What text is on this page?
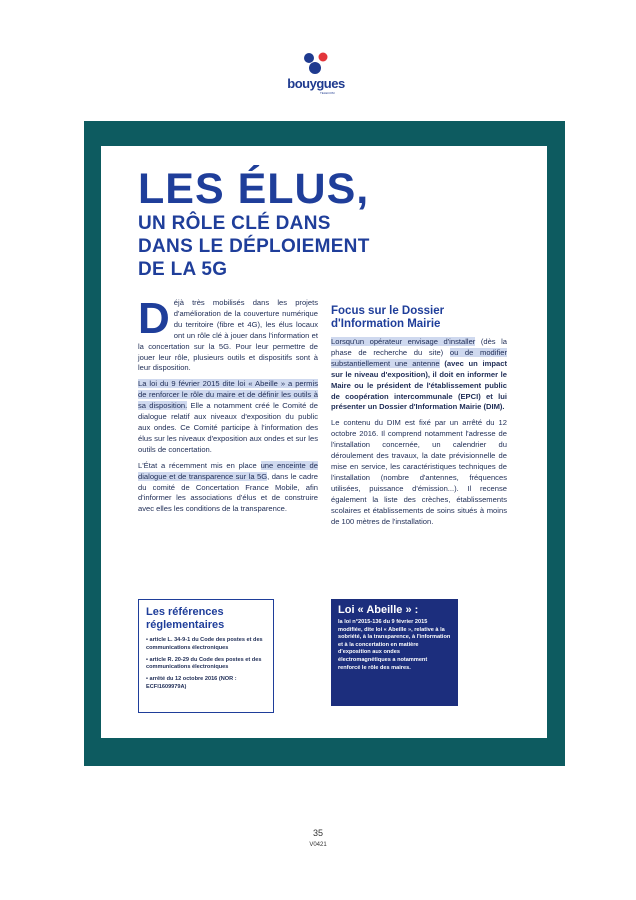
bouygues
TELECOM
LES ÉLUS,
UN RÔLE CLÉ DANS
DANS LE DÉPLOIEMENT
DE LA 5G

Déjà très mobilisés dans les projets d'amélioration de la couverture numérique du territoire (fibre et 4G), les élus locaux ont un rôle clé à jouer dans l'information et la concertation sur la 5G. Pour leur permettre de jouer leur rôle, plusieurs outils et dispositifs sont à leur disposition.

La loi du 9 février 2015 dite loi « Abeille » a permis de renforcer le rôle du maire et de définir les outils à sa disposition. Elle a notamment créé le Comité de dialogue relatif aux niveaux d'exposition du public aux ondes. Ce Comité participe à l'information des élus sur les niveaux d'exposition aux ondes et sur les outils de concertation.

L'État a récemment mis en place une enceinte de dialogue et de transparence sur la 5G, dans le cadre du comité de Concertation France Mobile, afin d'informer les associations d'élus et de construire avec elles les conditions de la transparence.

Focus sur le Dossier d'Information Mairie

Lorsqu'un opérateur envisage d'installer (dès la phase de recherche du site) ou de modifier substantiellement une antenne (avec un impact sur le niveau d'exposition), il doit en informer le Maire ou le président de l'établissement public de coopération intercommunale (EPCI) et lui présenter un Dossier d'Information Mairie (DIM).

Le contenu du DIM est fixé par un arrêté du 12 octobre 2016. Il comprend notamment l'adresse de l'installation concernée, un calendrier du déroulement des travaux, la date prévisionnelle de mise en service, les caractéristiques techniques de l'installation (nombre d'antennes, fréquences utilisées, puissance d'émission...). Il recense également la liste des crèches, établissements scolaires et établissements de soins situés à moins de 100 mètres de l'installation.

Les références réglementaires
• article L. 34-9-1 du Code des postes et des communications électroniques
• article R. 20-29 du Code des postes et des communications électroniques
• arrêté du 12 octobre 2016 (NOR : ECFI1609979A)
Loi « Abeille » :

la loi n°2015-136 du 9 février 2015 modifiée, dite loi « Abeille », relative à la sobriété, à la transparence, à l'information et à la concertation en matière d'exposition aux ondes électromagnétiques a notamment renforcé le rôle des maires.

35
V0421
